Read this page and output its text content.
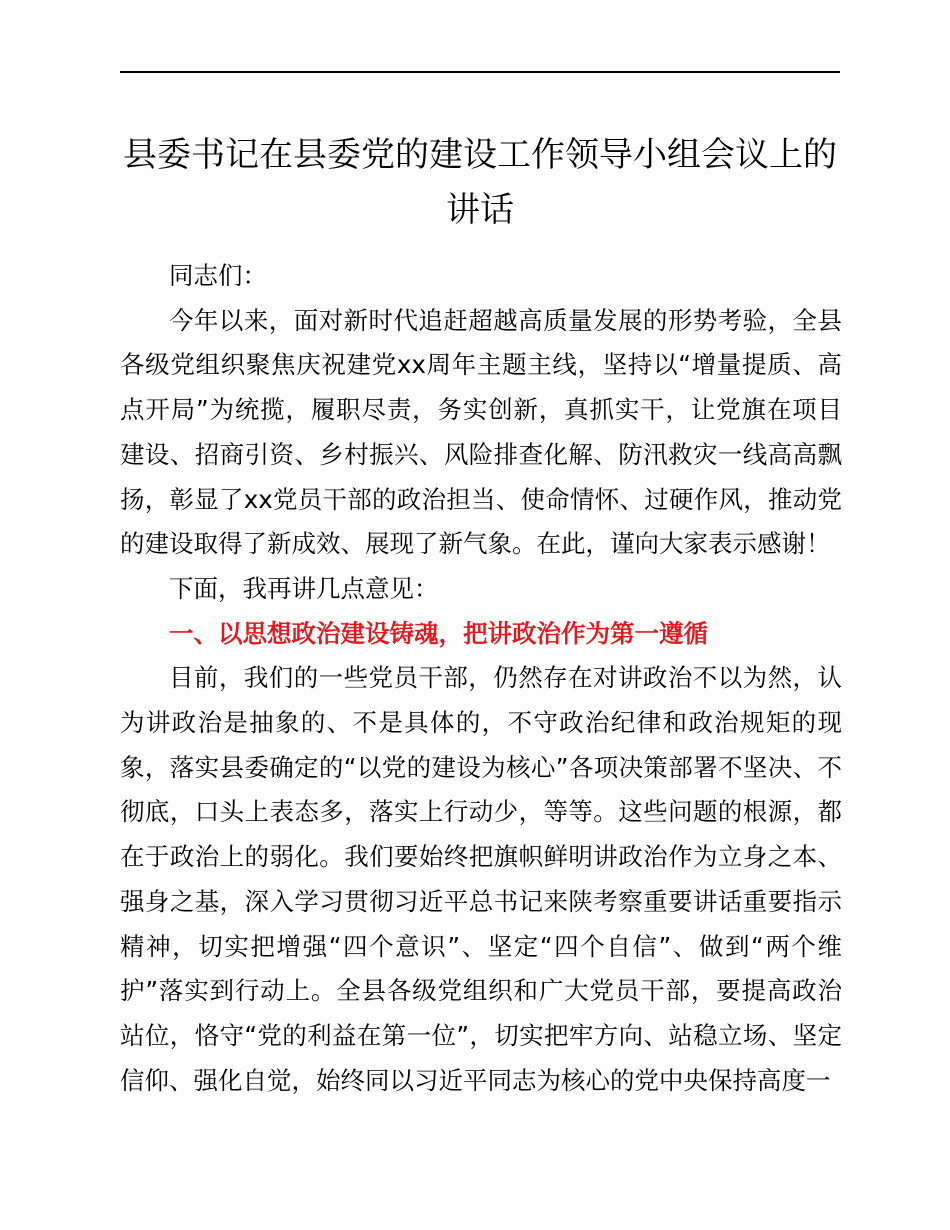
县委书记在县委党的建设工作领导小组会议上的讲话

同志们：

今年以来，面对新时代追赶超越高质量发展的形势考验，全县各级党组织聚焦庆祝建党xx周年主题主线，坚持以“增量提质、高点开局”为统揽，履职尽责，务实创新，真抓实干，让党旗在项目建设、招商引资、乡村振兴、风险排查化解、防汛救灾一线高高飘扬，彰显了xx党员干部的政治担当、使命情怀、过硬作风，推动党的建设取得了新成效、展现了新气象。在此，谨向大家表示感谢！

下面，我再讲几点意见：

一、以思想政治建设铸魂，把讲政治作为第一遵循

目前，我们的一些党员干部，仍然存在对讲政治不以为然，认为讲政治是抽象的、不是具体的，不守政治纪律和政治规矩的现象，落实县委确定的“以党的建设为核心”各项决策部署不坚决、不彻底，口头上表态多，落实上行动少，等等。这些问题的根源，都在于政治上的弱化。我们要始终把旗帜鲜明讲政治作为立身之本、强身之基，深入学习贯彻习近平总书记来陕考察重要讲话重要指示精神，切实把增强“四个意识”、坚定“四个自信”、做到“两个维护”落实到行动上。全县各级党组织和广大党员干部，要提高政治站位，恪守“党的利益在第一位”，切实把牢方向、站稳立场、坚定信仰、强化自觉，始终同以习近平同志为核心的党中央保持高度一
